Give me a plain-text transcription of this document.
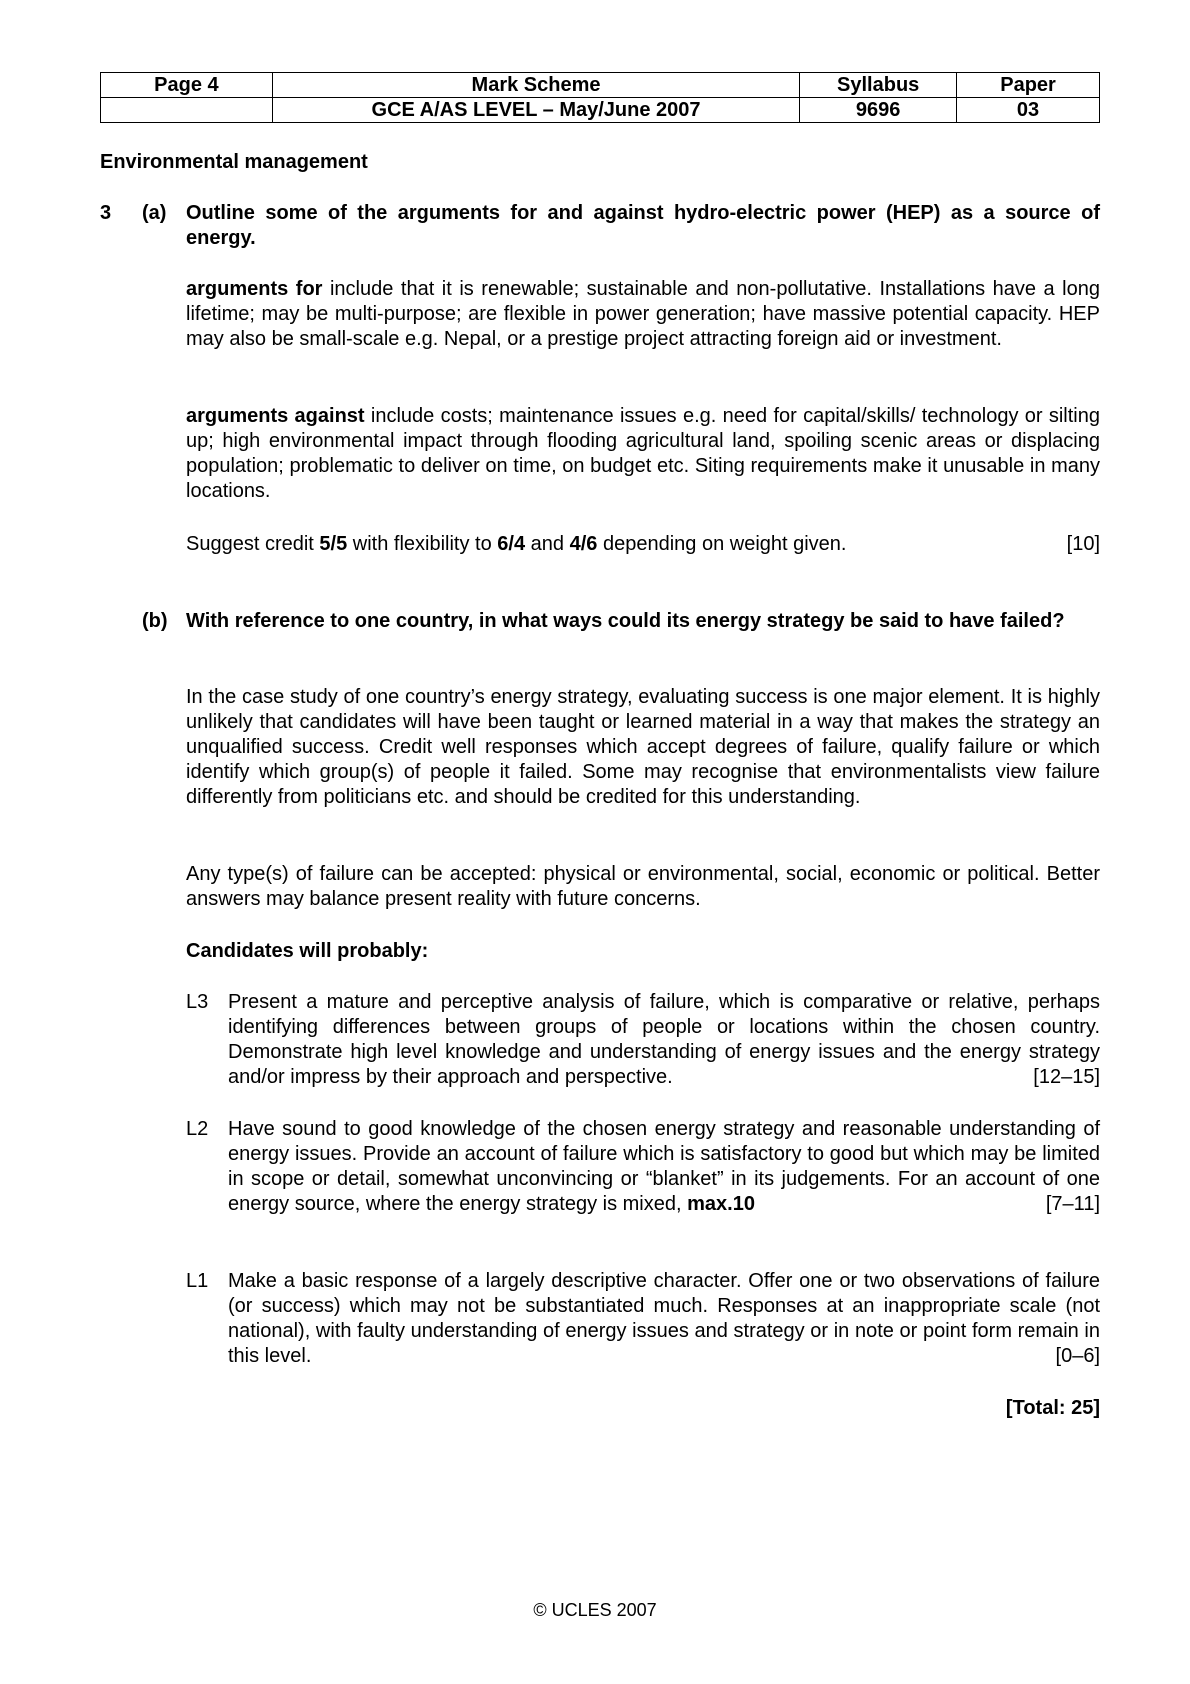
Page 4	Mark Scheme	Syllabus	Paper
	GCE A/AS LEVEL – May/June 2007	9696	03
Environmental management
3 (a) Outline some of the arguments for and against hydro-electric power (HEP) as a source of energy.
arguments for include that it is renewable; sustainable and non-pollutative. Installations have a long lifetime; may be multi-purpose; are flexible in power generation; have massive potential capacity. HEP may also be small-scale e.g. Nepal, or a prestige project attracting foreign aid or investment.
arguments against include costs; maintenance issues e.g. need for capital/skills/ technology or silting up; high environmental impact through flooding agricultural land, spoiling scenic areas or displacing population; problematic to deliver on time, on budget etc. Siting requirements make it unusable in many locations.
Suggest credit 5/5 with flexibility to 6/4 and 4/6 depending on weight given.	[10]
(b) With reference to one country, in what ways could its energy strategy be said to have failed?
In the case study of one country’s energy strategy, evaluating success is one major element. It is highly unlikely that candidates will have been taught or learned material in a way that makes the strategy an unqualified success. Credit well responses which accept degrees of failure, qualify failure or which identify which group(s) of people it failed. Some may recognise that environmentalists view failure differently from politicians etc. and should be credited for this understanding.
Any type(s) of failure can be accepted: physical or environmental, social, economic or political. Better answers may balance present reality with future concerns.
Candidates will probably:
L3 Present a mature and perceptive analysis of failure, which is comparative or relative, perhaps identifying differences between groups of people or locations within the chosen country. Demonstrate high level knowledge and understanding of energy issues and the energy strategy and/or impress by their approach and perspective.	[12–15]
L2 Have sound to good knowledge of the chosen energy strategy and reasonable understanding of energy issues. Provide an account of failure which is satisfactory to good but which may be limited in scope or detail, somewhat unconvincing or “blanket” in its judgements. For an account of one energy source, where the energy strategy is mixed, max.10	[7–11]
L1 Make a basic response of a largely descriptive character. Offer one or two observations of failure (or success) which may not be substantiated much. Responses at an inappropriate scale (not national), with faulty understanding of energy issues and strategy or in note or point form remain in this level.	[0–6]
[Total: 25]
© UCLES 2007
